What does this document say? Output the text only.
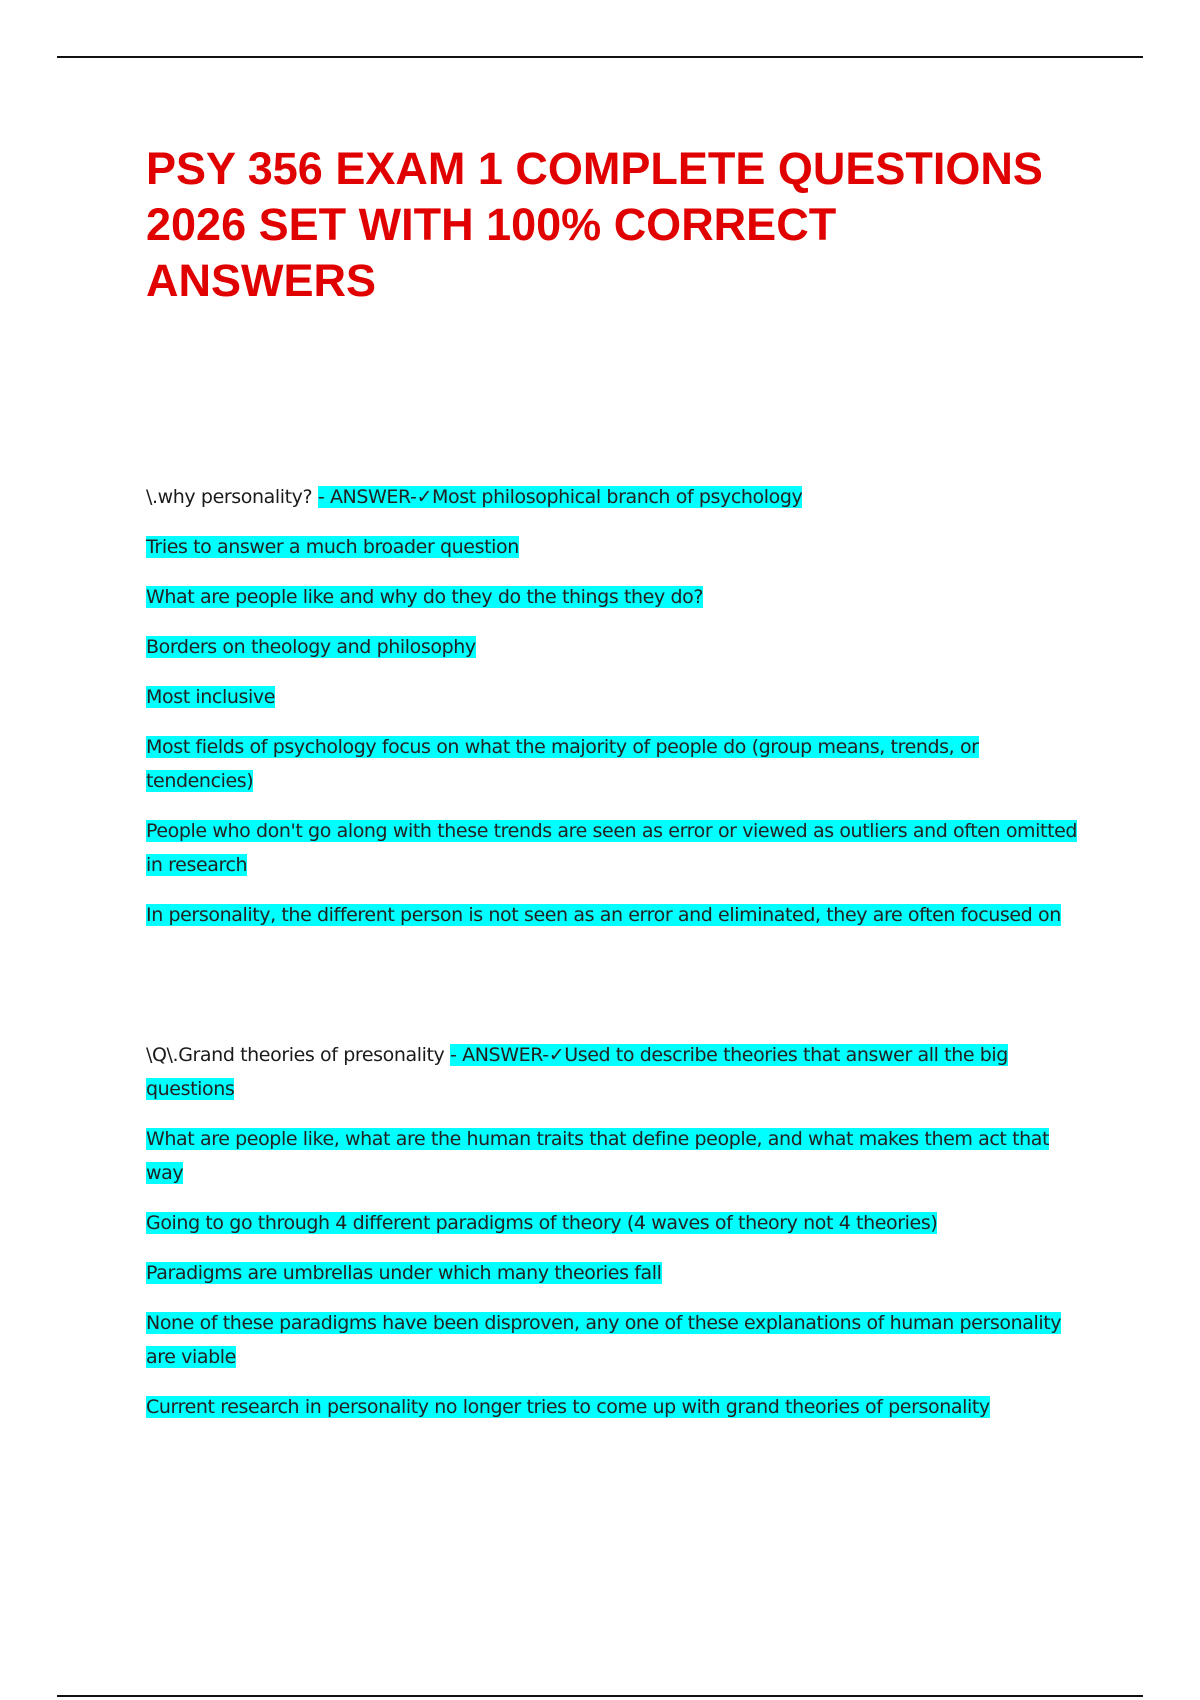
PSY 356 EXAM 1 COMPLETE QUESTIONS 2026 SET WITH 100% CORRECT ANSWERS

\.why personality? - ANSWER-✓Most philosophical branch of psychology

Tries to answer a much broader question

What are people like and why do they do the things they do?

Borders on theology and philosophy

Most inclusive

Most fields of psychology focus on what the majority of people do (group means, trends, or tendencies)

People who don't go along with these trends are seen as error or viewed as outliers and often omitted in research

In personality, the different person is not seen as an error and eliminated, they are often focused on

\Q\.Grand theories of presonality - ANSWER-✓Used to describe theories that answer all the big questions

What are people like, what are the human traits that define people, and what makes them act that way

Going to go through 4 different paradigms of theory (4 waves of theory not 4 theories)

Paradigms are umbrellas under which many theories fall

None of these paradigms have been disproven, any one of these explanations of human personality are viable

Current research in personality no longer tries to come up with grand theories of personality
